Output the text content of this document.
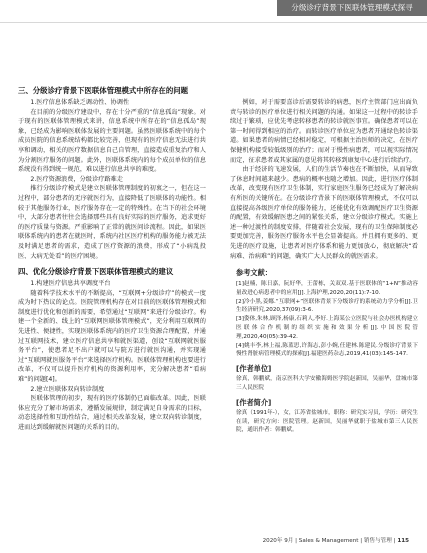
分级诊疗背景下医联体管理模式探寻

三、分级诊疗背景下医联体管理模式中所存在的问题

1.医疗信息体系缺乏调动性、协调性

在目前的分级医疗建设中，存在十分严重的“信息孤岛”现象。对于现有的医联体管理模式来讲，信息系统中所存在的“信息孤岛”现象，已经成为影响医联体发展的主要问题。虽然医联体系统中的每个成员医院的信息系统结构都比较完善，但现有的医疗信息无法进行共享和调动，相关的医疗数据信息自己自管理，直接造成重复治疗和人为分割医疗服务的问题。此外，医联体系统内的每个成员单位的信息系统没有得到统一规范，难以进行信息共享的难度。

2.医疗资源浪费，分级诊疗路难走

推行分级诊疗模式是建立医联体管理制度的初衷之一，但在这一过程中，部分患者的无序就医行为，直接降低了医联体的功能性。相较于其他服务行业，医疗服务存在一定的特殊性。在当下的社会环境中，大部分患者往往会选择那些具有良好实际的医疗服务，追求更好的医疗质量与资源。严重影响了正常的就医问诊流程。因此，如果医联体系统内的患者在就医时，系统内社区医疗机构的服务能力被无法及时满足患者的需求，造成了医疗资源的浪费，形成了“小病乱投医、大病无处看”的医疗困境。

四、优化分级诊疗背景下医联体管理模式的建议

1.构建医疗信息共享调度平台

随着科学技术水平的不断提高，“互联网+分级诊疗”的模式一度成为时下热议的论点。医院管理机构存在对目前的医联体管理模式和制度进行优化和创新的需要，希望通过“互联网”来进行分级诊疗。构建一个全新的、线上的“互联网医联体管理模式”，充分利用互联网的先进性、便捷性，实现医联体系统内的医疗卫生资源合理配置，并通过互联网技术，建立医疗信息共享和就医渠道，创设“互联网就医服务平台”，使患者足不出户就可以与院方进行就医沟通，并实现通过“互联网就医服务平台”来选择医疗机构。医联体管理机构也要进行改革，不仅可以提升医疗机构的资源利用率，充分解决患者“看病难”的问题[4]。

2.建立医联体双向转诊制度

医联体管理的初步，现有的医疗体制仍已面临改革。因此，医联体应充分了解市场需求，遵循发展规律，制定满足自身需求的目标，动态选择性和互助性结合，通过相关改革发展，建立双向转诊制度，进而达到缓解就医问题的关系的目的。

例如，对于需要喜诊后需要转诊的病患，医疗主管部门应出面负责与转诊的医疗单位进行相关问题的沟通。如果这一过程中的转诊手续过于繁琐，应优先考虑转移患者的转诊就医事宜。确保患者可以在第一时间得到相应的治疗。而转诊医疗单位应为患者开通绿色转诊渠道。如果患者的病情已经相对稳定，可根据主治医师的决定，在医疗保健机构接受较低级别的治疗；而对于慢性病患者，可以视实际情况而定，征求患者或其家属的意见将其转移到康复中心进行后续治疗。

由于经济的飞速发展，人们的生活节奏也在不断加快，从而导致了休息时间越来越少。患病的概率也随之增加。因此，进行医疗体制改革，改变现有医疗卫生体制，实行家庭医生服务已经成为了解决病有所医的关键所在。在分级诊疗背景下的医联体管理模式，不仅可以直接提高各级医疗单位的服务能力，还能优化有效调配医疗卫生资源的配置，有效缓解医患之间的紧张关系，建立分级诊疗模式。实施上述一种过渡性的制度安排，伴随着社会发展，现有的卫生保障制度必要更加完善，服务医疗服务水平也会显著提高。并且拥有更多的、更先进的医疗设施，让患者对医疗体系和能力更加放心，彻底解决“看病难、治病难”的问题，确实广大人民群众的就医需求。

参考文献：

[1]赵楠，陈日嘉，阮好华，王蕾栋，关双双.基于医联体的“1+N”推动容量改进心病患者中的应用[J].上海护理,2020,20(11):7-10.

[2]冷小黑,姜娜.“互联网+”医联体背景下分级诊疗的系统动力学分析[J].卫生经济研究,2020,37(09):3-6.

[3]姿体,朱林,顾泽,杨康,石莉人,李好.上海某公立医院与社会办医机构建立医联体合作机制的组织实施和效果分析[J].中国医院管理,2020,40(05):39-42.

[4]姚丰李,林上福,陈蓝思,许海志,彭小婉,任建林.陈建民.分级诊疗背景下慢性肾脏病管理模式的探索[J].福建医药杂志,2019,41(03):145-147.

[作者单位]

徐真，韩鹏斌，南京医科大学安徽海姆医学院赵新国，吴丽华，盘城市第三人民医院

[作者简介]

徐真（1991年-），女，江苏省盐城市，职称：研究实习员，学历：研究生在读，研究方向：医院管理。赵新国，吴丽华就职于盐城市第三人民医院，通讯作者：韩鹏斌。

2020年 9月 | Sales & Management | 销售与管理 | 115
